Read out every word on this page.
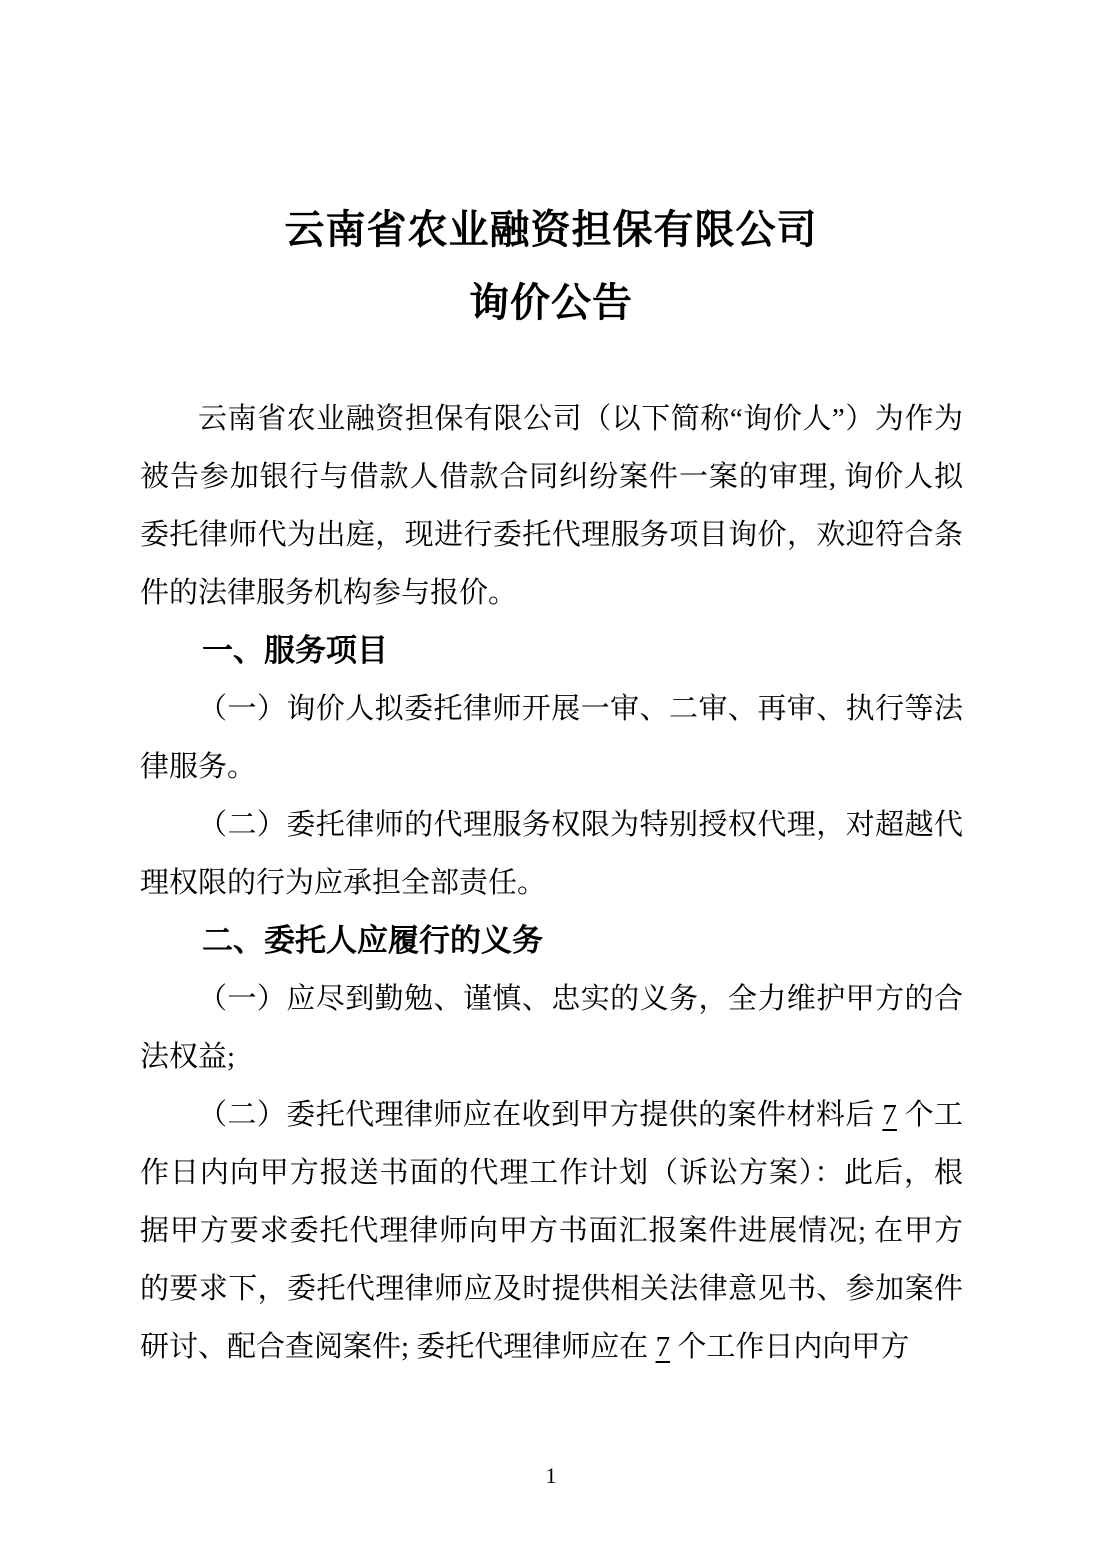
云南省农业融资担保有限公司
询价公告
云南省农业融资担保有限公司（以下简称“询价人”）为作为被告参加银行与借款人借款合同纠纷案件一案的审理, 询价人拟委托律师代为出庭，现进行委托代理服务项目询价，欢迎符合条件的法律服务机构参与报价。
一、服务项目
（一）询价人拟委托律师开展一审、二审、再审、执行等法律服务。
（二）委托律师的代理服务权限为特别授权代理，对超越代理权限的行为应承担全部责任。
二、委托人应履行的义务
（一）应尽到勤勉、谨慎、忠实的义务，全力维护甲方的合法权益;
（二）委托代理律师应在收到甲方提供的案件材料后 7 个工作日内向甲方报送书面的代理工作计划（诉讼方案）：此后，根据甲方要求委托代理律师向甲方书面汇报案件进展情况; 在甲方的要求下，委托代理律师应及时提供相关法律意见书、参加案件研讨、配合查阅案件; 委托代理律师应在 7 个工作日内向甲方
1
